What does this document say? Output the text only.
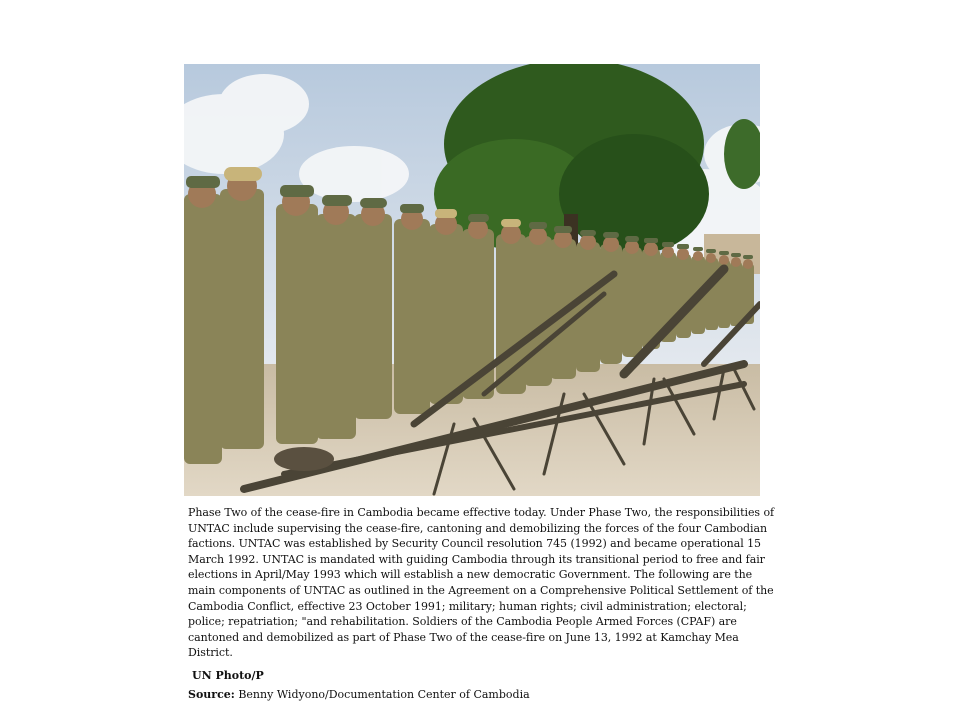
Phase Two of the cease-fire in Cambodia became effective today. Under Phase Two, the responsibilities of UNTAC include supervising the cease-fire, cantoning and demobilizing the forces of the four Cambodian factions. UNTAC was established by Security Council resolution 745 (1992) and became operational 15 March 1992. UNTAC is mandated with guiding Cambodia through its transitional period to free and fair elections in April/May 1993 which will establish a new democratic Government. The following are the main components of UNTAC as outlined in the Agreement on a Comprehensive Political Settlement of the Cambodia Conflict, effective 23 October 1991; military; human rights; civil administration; electoral; police; repatriation; "and rehabilitation. Soldiers of the Cambodia People Armed Forces (CPAF) are cantoned and demobilized as part of Phase Two of the cease-fire on June 13, 1992 at Kamchay Mea District.

UN Photo/P

Source: Benny Widyono/Documentation Center of Cambodia
